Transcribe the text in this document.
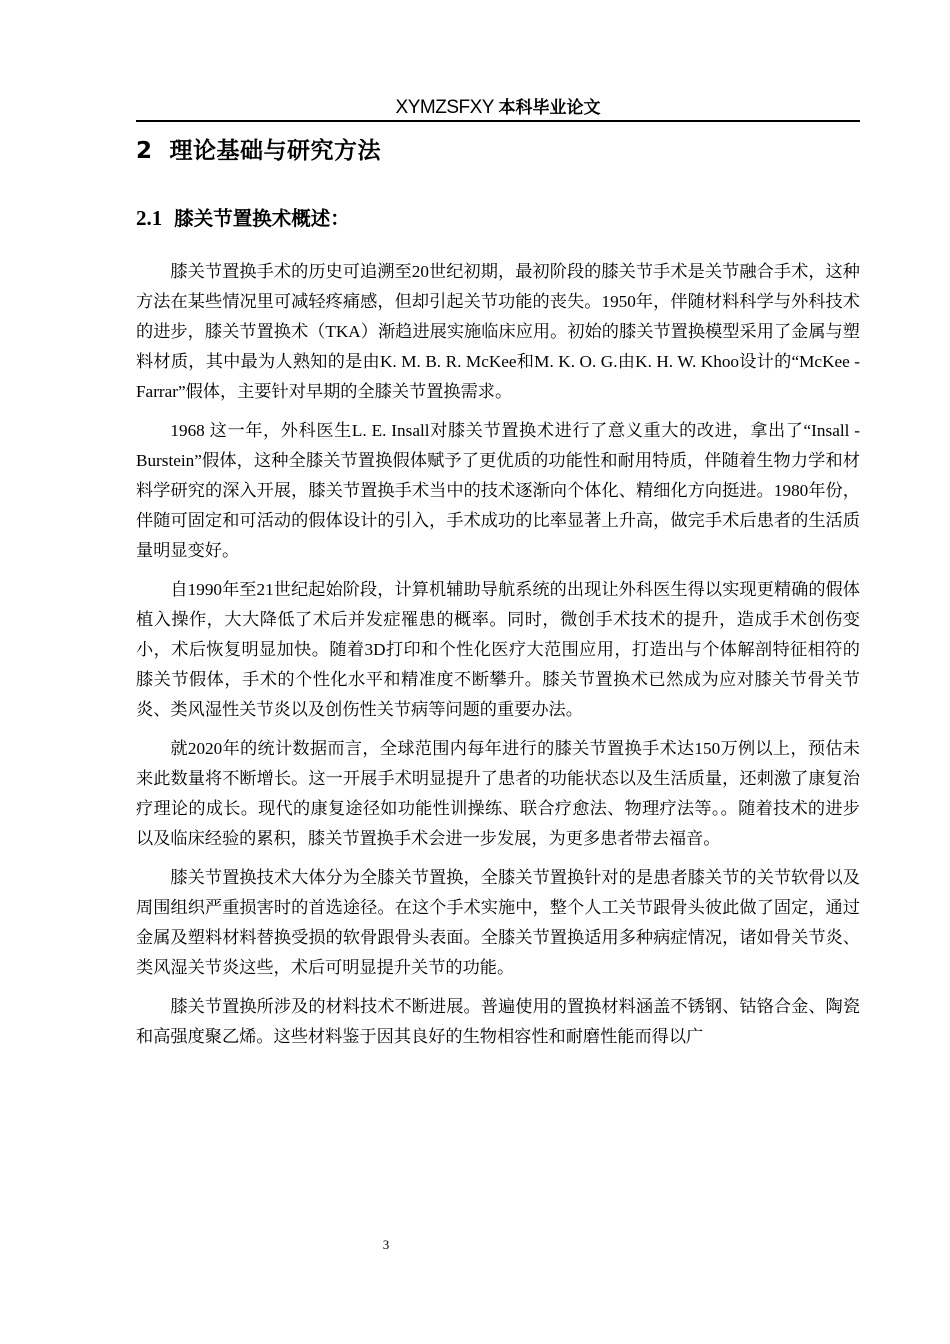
XYMZSFXY 本科毕业论文
2 理论基础与研究方法
2.1 膝关节置换术概述：

膝关节置换手术的历史可追溯至20世纪初期，最初阶段的膝关节手术是关节融合手术，这种方法在某些情况里可减轻疼痛感，但却引起关节功能的丧失。1950年，伴随材料科学与外科技术的进步，膝关节置换术（TKA）渐趋进展实施临床应用。初始的膝关节置换模型采用了金属与塑料材质，其中最为人熟知的是由K. M. B. R. McKee和M. K. O. G.由K. H. W. Khoo设计的“McKee - Farrar”假体，主要针对早期的全膝关节置换需求。

1968 这一年，外科医生L. E. Insall对膝关节置换术进行了意义重大的改进，拿出了“Insall - Burstein”假体，这种全膝关节置换假体赋予了更优质的功能性和耐用特质，伴随着生物力学和材料学研究的深入开展，膝关节置换手术当中的技术逐渐向个体化、精细化方向挺进。1980年份，伴随可固定和可活动的假体设计的引入，手术成功的比率显著上升高，做完手术后患者的生活质量明显变好。

自1990年至21世纪起始阶段，计算机辅助导航系统的出现让外科医生得以实现更精确的假体植入操作，大大降低了术后并发症罹患的概率。同时，微创手术技术的提升，造成手术创伤变小，术后恢复明显加快。随着3D打印和个性化医疗大范围应用，打造出与个体解剖特征相符的膝关节假体，手术的个性化水平和精准度不断攀升。膝关节置换术已然成为应对膝关节骨关节炎、类风湿性关节炎以及创伤性关节病等问题的重要办法。

就2020年的统计数据而言，全球范围内每年进行的膝关节置换手术达150万例以上，预估未来此数量将不断增长。这一开展手术明显提升了患者的功能状态以及生活质量，还刺激了康复治疗理论的成长。现代的康复途径如功能性训操练、联合疗愈法、物理疗法等。。随着技术的进步以及临床经验的累积，膝关节置换手术会进一步发展，为更多患者带去福音。

膝关节置换技术大体分为全膝关节置换，全膝关节置换针对的是患者膝关节的关节软骨以及周围组织严重损害时的首选途径。在这个手术实施中，整个人工关节跟骨头彼此做了固定，通过金属及塑料材料替换受损的软骨跟骨头表面。全膝关节置换适用多种病症情况，诸如骨关节炎、类风湿关节炎这些，术后可明显提升关节的功能。

膝关节置换所涉及的材料技术不断进展。普遍使用的置换材料涵盖不锈钢、钴铬合金、陶瓷和高强度聚乙烯。这些材料鉴于因其良好的生物相容性和耐磨性能而得以广

3
